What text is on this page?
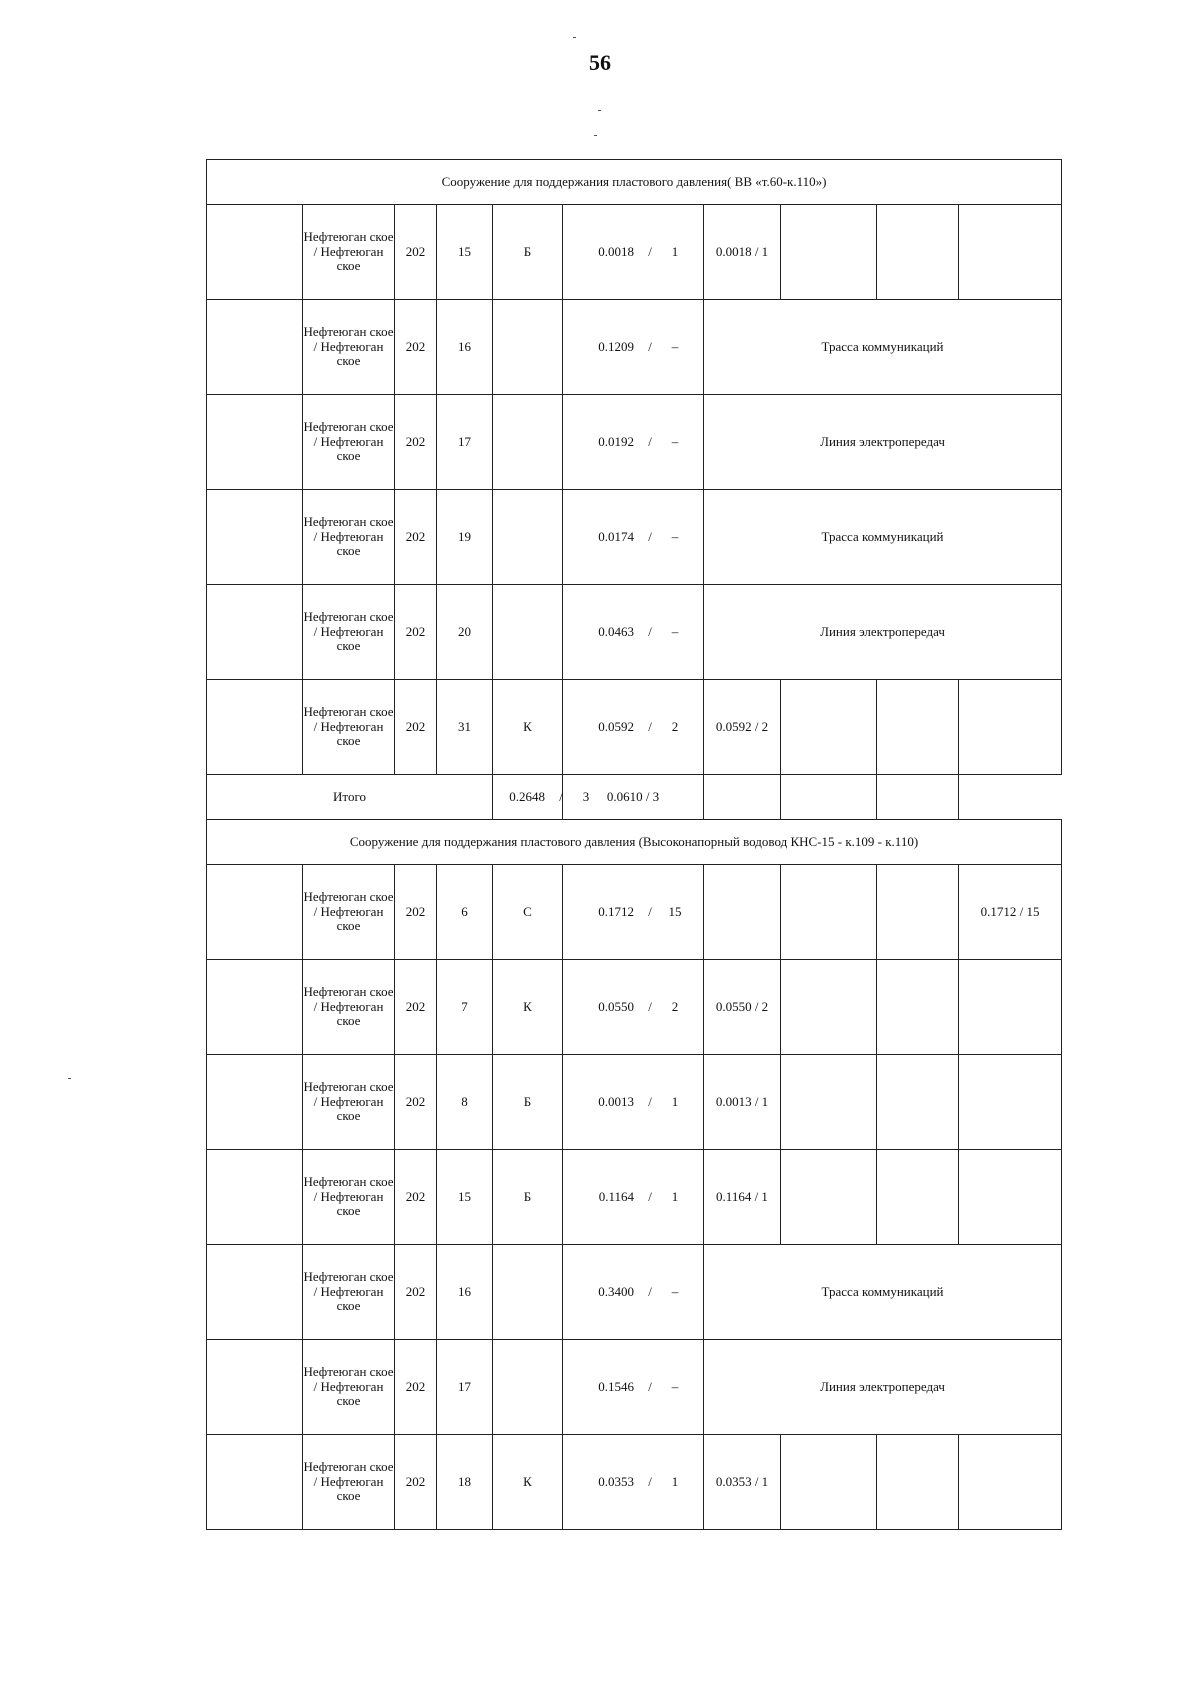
56
Сооружение для поддержания пластового давления( ВВ «т.60-к.110»)									
	Нефтеюган ское / Нефтеюган ское	202	15	Б	0.0018 / 1	0.0018 / 1			
	Нефтеюган ское / Нефтеюган ское	202	16		0.1209 / –	Трасса коммуникаций			
	Нефтеюган ское / Нефтеюган ское	202	17		0.0192 / –	Линия электропередач			
	Нефтеюган ское / Нефтеюган ское	202	19		0.0174 / –	Трасса коммуникаций			
	Нефтеюган ское / Нефтеюган ское	202	20		0.0463 / –	Линия электропередач			
	Нефтеюган ское / Нефтеюган ское	202	31	К	0.0592 / 2	0.0592 / 2			
Итого				0.2648 / 3	0.0610 / 3				
Сооружение для поддержания пластового давления (Высоконапорный водовод КНС-15 - к.109 - к.110)									
	Нефтеюган ское / Нефтеюган ское	202	6	С	0.1712 / 15				0.1712 / 15
	Нефтеюган ское / Нефтеюган ское	202	7	К	0.0550 / 2	0.0550 / 2			
	Нефтеюган ское / Нефтеюган ское	202	8	Б	0.0013 / 1	0.0013 / 1			
	Нефтеюган ское / Нефтеюган ское	202	15	Б	0.1164 / 1	0.1164 / 1			
	Нефтеюган ское / Нефтеюган ское	202	16		0.3400 / –	Трасса коммуникаций			
	Нефтеюган ское / Нефтеюган ское	202	17		0.1546 / –	Линия электропередач			
	Нефтеюган ское / Нефтеюган ское	202	18	К	0.0353 / 1	0.0353 / 1			
